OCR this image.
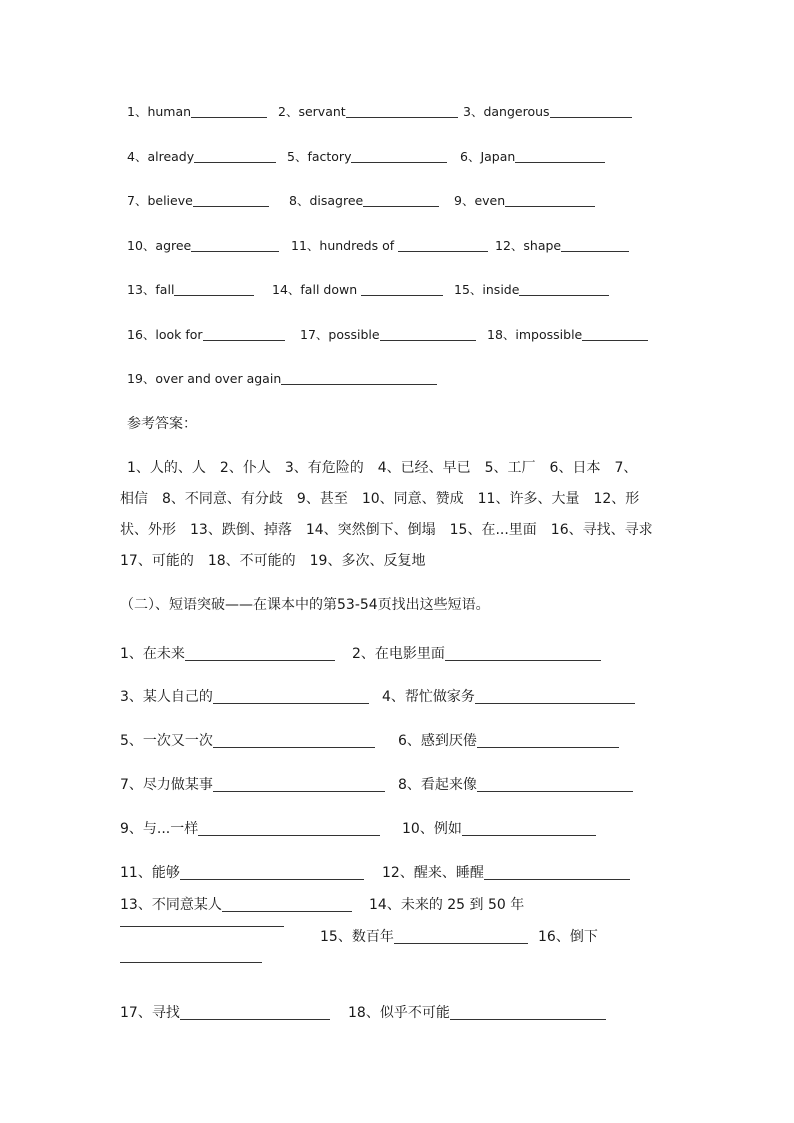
1、human	2、servant	3、dangerous
4、already	5、factory	6、Japan
7、believe	8、disagree	9、even
10、agree	11、hundreds of	12、shape
13、fall	14、fall down	15、inside
16、look for	17、possible	18、impossible
19、over and over again
参考答案：
1、人的、人　2、仆人　3、有危险的　4、已经、早已　5、工厂　6、日本　7、
相信　8、不同意、有分歧　9、甚至　10、同意、赞成　11、许多、大量　12、形
状、外形　13、跌倒、掉落　14、突然倒下、倒塌　15、在...里面　16、寻找、寻求
17、可能的　18、不可能的　19、多次、反复地
（二）、短语突破——在课本中的第53-54页找出这些短语。
1、在未来	2、在电影里面
3、某人自己的	4、帮忙做家务
5、一次又一次	6、感到厌倦
7、尽力做某事	8、看起来像
9、与...一样	10、例如
11、能够	12、醒来、睡醒
13、不同意某人	14、未来的 25 到 50 年
15、数百年	16、倒下
17、寻找	18、似乎不可能
